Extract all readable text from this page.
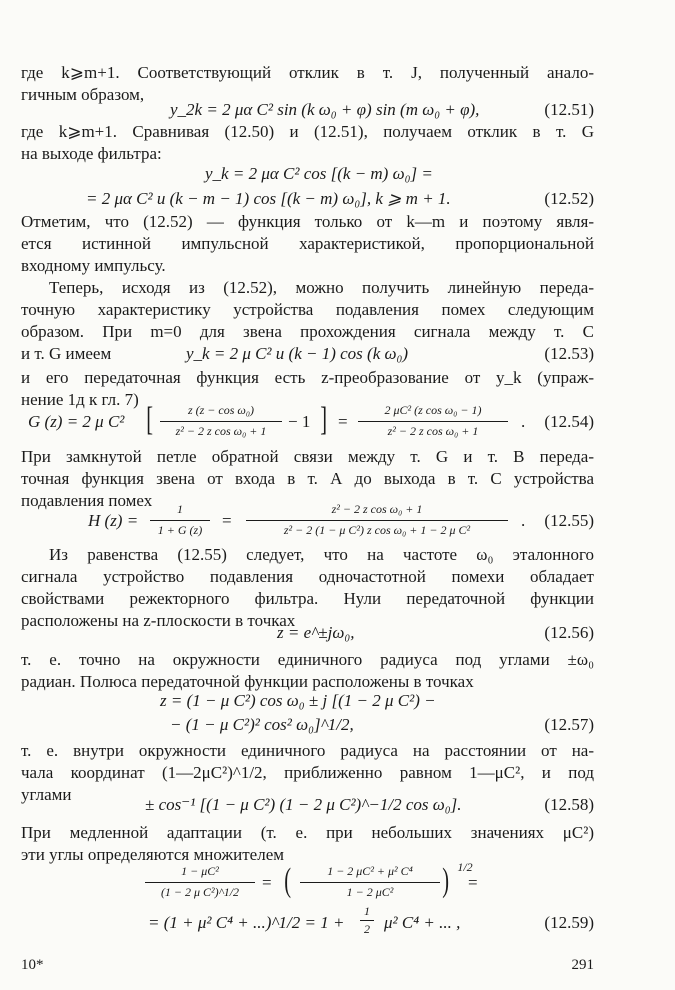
где k⩾m+1. Соответствующий отклик в т. J, полученный анало-
гичным образом,
y_2k = 2 μα C² sin (k ω₀ + φ) sin (m ω₀ + φ),	(12.51)
где k⩾m+1. Сравнивая (12.50) и (12.51), получаем отклик в т. G
на выходе фильтра:
y_k = 2 μα C² cos [(k − m) ω₀] =
= 2 μα C² u (k − m − 1) cos [(k − m) ω₀], k ⩾ m + 1.	(12.52)
Отметим, что (12.52) — функция только от k—m и поэтому явля-
ется истинной импульсной характеристикой, пропорциональной
входному импульсу.
Теперь, исходя из (12.52), можно получить линейную переда-
точную характеристику устройства подавления помех следующим
образом. При m=0 для звена прохождения сигнала между т. С
и т. G имеем	y_k = 2 μ C² u (k − 1) cos (k ω₀)	(12.53)
и его передаточная функция есть z-преобразование от y_k (упраж-
нение 1д к гл. 7)
G (z) = 2 μ C² [	z (z − cos ω₀)
z² − 2 z cos ω₀ + 1	− 1 ] =
2 μC² (z cos ω₀ − 1)
z² − 2 z cos ω₀ + 1	. (12.54)
При замкнутой петле обратной связи между т. G и т. В переда-
точная функция звена от входа в т. А до выхода в т. С устройства
подавления помех
H (z) =
1
1 + G (z)	=
z² − 2 z cos ω₀ + 1
z² − 2 (1 − μ C²) z cos ω₀ + 1 − 2 μ C²	. (12.55)
Из равенства (12.55) следует, что на частоте ω₀ эталонного
сигнала устройство подавления одночастотной помехи обладает
свойствами режекторного фильтра. Нули передаточной функции
расположены на z-плоскости в точках
z = e^±jω₀,	(12.56)
т. е. точно на окружности единичного радиуса под углами ±ω₀
радиан. Полюса передаточной функции расположены в точках
z = (1 − μ C²) cos ω₀ ± j [(1 − 2 μ C²) −
− (1 − μ C²)² cos² ω₀]^1/2,	(12.57)
т. е. внутри окружности единичного радиуса на расстоянии от на-
чала координат (1—2μC²)^1/2, приближенно равном 1—μC², и под
углами
± cos⁻¹ [(1 − μ C²) (1 − 2 μ C²)^−1/2 cos ω₀].	(12.58)
При медленной адаптации (т. е. при небольших значениях μC²)
эти углы определяются множителем
1 − μC²
(1 − 2 μ C²)^1/2	= (	1 − 2 μC² + μ² C⁴
1 − 2 μC²	) 1/2
=
= (1 + μ² C⁴ + ...)^1/2 = 1 +
1
2 μ² C⁴ + ... ,	(12.59)
10*	291
